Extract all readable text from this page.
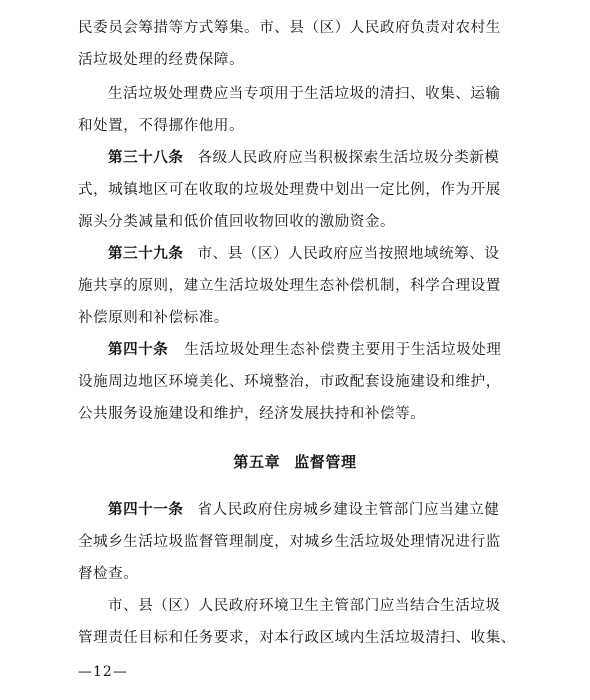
民委员会筹措等方式筹集。市、县（区）人民政府负责对农村生
活垃圾处理的经费保障。
生活垃圾处理费应当专项用于生活垃圾的清扫、收集、运输
和处置，不得挪作他用。
第三十八条 各级人民政府应当积极探索生活垃圾分类新模
式，城镇地区可在收取的垃圾处理费中划出一定比例，作为开展
源头分类减量和低价值回收物回收的激励资金。
第三十九条 市、县（区）人民政府应当按照地域统筹、设
施共享的原则，建立生活垃圾处理生态补偿机制，科学合理设置
补偿原则和补偿标准。
第四十条 生活垃圾处理生态补偿费主要用于生活垃圾处理
设施周边地区环境美化、环境整治，市政配套设施建设和维护，
公共服务设施建设和维护，经济发展扶持和补偿等。
第五章 监督管理
第四十一条 省人民政府住房城乡建设主管部门应当建立健
全城乡生活垃圾监督管理制度，对城乡生活垃圾处理情况进行监
督检查。
市、县（区）人民政府环境卫生主管部门应当结合生活垃圾
管理责任目标和任务要求，对本行政区域内生活垃圾清扫、收集、
—12—
